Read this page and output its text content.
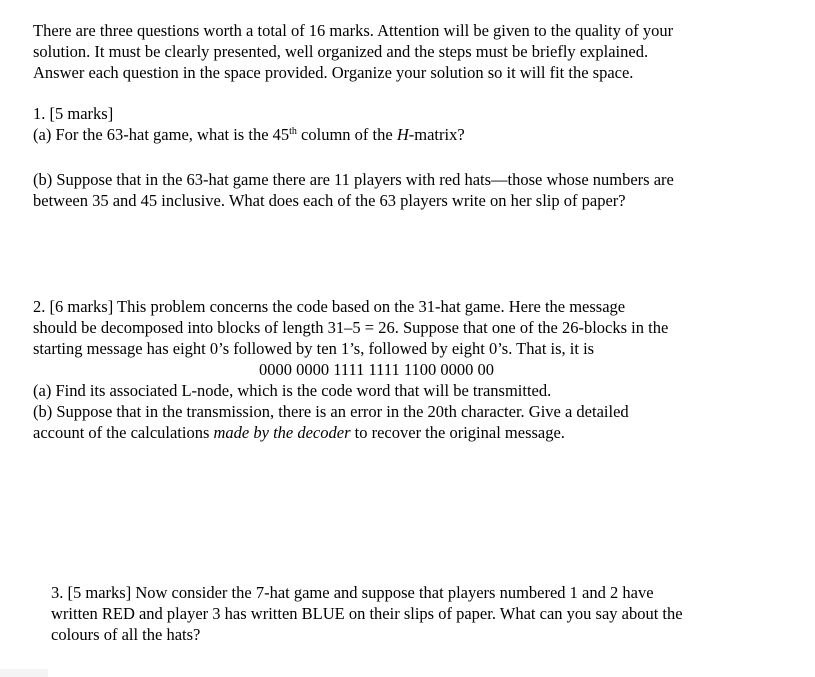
There are three questions worth a total of 16 marks. Attention will be given to the quality of your
solution. It must be clearly presented, well organized and the steps must be briefly explained.
Answer each question in the space provided. Organize your solution so it will fit the space.
1. [5 marks]
(a) For the 63-hat game, what is the 45th column of the H-matrix?
(b) Suppose that in the 63-hat game there are 11 players with red hats—those whose numbers are
between 35 and 45 inclusive. What does each of the 63 players write on her slip of paper?
2. [6 marks] This problem concerns the code based on the 31-hat game. Here the message
should be decomposed into blocks of length 31–5 = 26. Suppose that one of the 26-blocks in the
starting message has eight 0’s followed by ten 1’s, followed by eight 0’s. That is, it is
0000 0000 1111 1111 1100 0000 00
(a) Find its associated L-node, which is the code word that will be transmitted.
(b) Suppose that in the transmission, there is an error in the 20th character. Give a detailed
account of the calculations made by the decoder to recover the original message.
3. [5 marks] Now consider the 7-hat game and suppose that players numbered 1 and 2 have
written RED and player 3 has written BLUE on their slips of paper. What can you say about the
colours of all the hats?
